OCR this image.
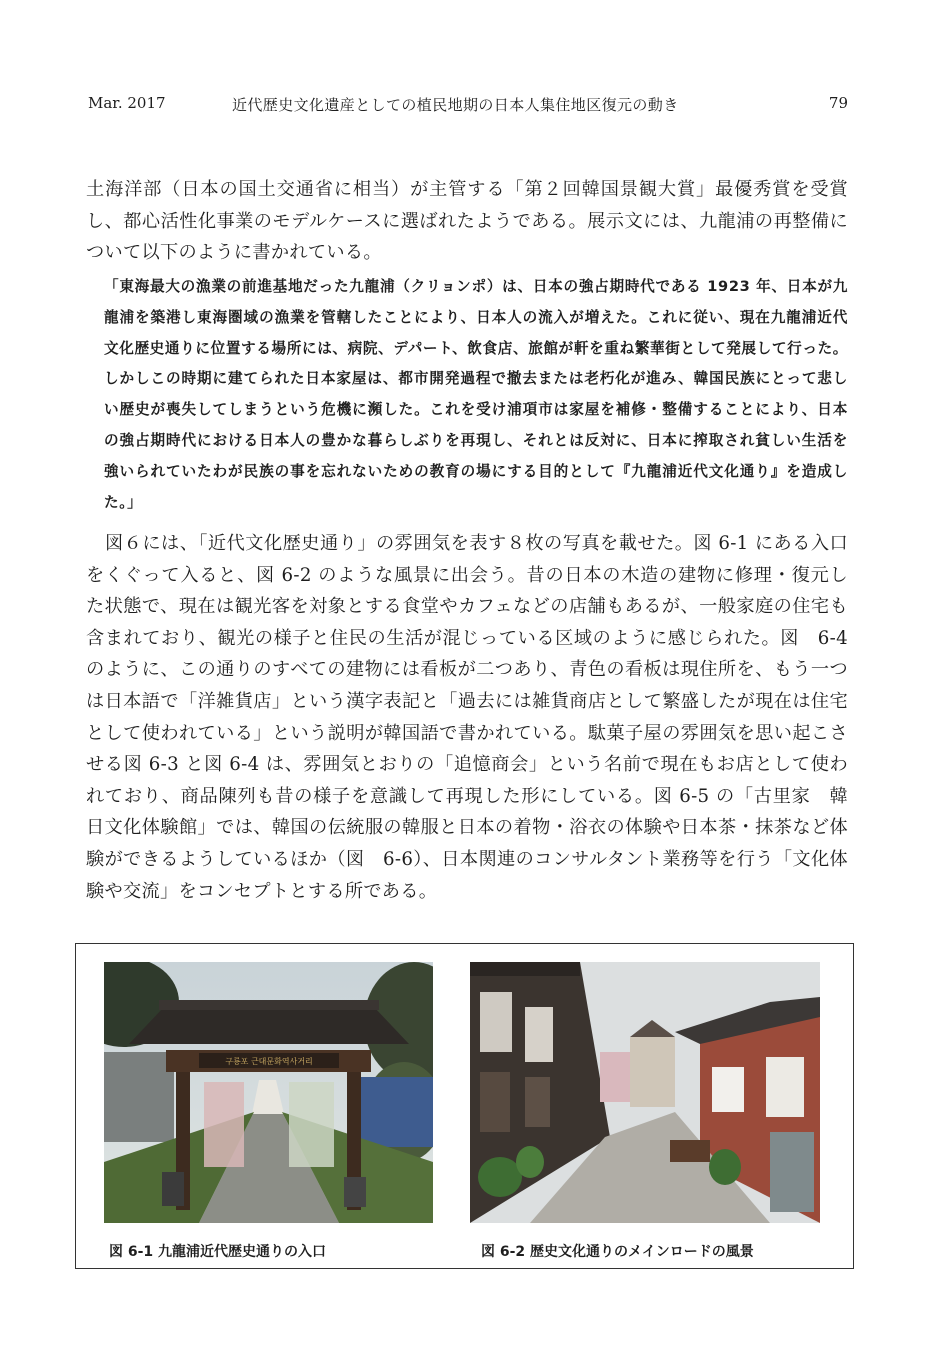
Mar. 2017	近代歴史文化遺産としての植民地期の日本人集住地区復元の動き	79

土海洋部（日本の国土交通省に相当）が主管する「第２回韓国景観大賞」最優秀賞を受賞し、都心活性化事業のモデルケースに選ばれたようである。展示文には、九龍浦の再整備について以下のように書かれている。

「東海最大の漁業の前進基地だった九龍浦（クリョンポ）は、日本の強占期時代である 1923 年、日本が九龍浦を築港し東海圏域の漁業を管轄したことにより、日本人の流入が増えた。これに従い、現在九龍浦近代文化歴史通りに位置する場所には、病院、デパート、飲食店、旅館が軒を重ね繁華街として発展して行った。しかしこの時期に建てられた日本家屋は、都市開発過程で撤去または老朽化が進み、韓国民族にとって悲しい歴史が喪失してしまうという危機に瀕した。これを受け浦項市は家屋を補修・整備することにより、日本の強占期時代における日本人の豊かな暮らしぶりを再現し、それとは反対に、日本に搾取され貧しい生活を強いられていたわが民族の事を忘れないための教育の場にする目的として『九龍浦近代文化通り』を造成した。」

図６には、「近代文化歴史通り」の雰囲気を表す８枚の写真を載せた。図 6-1 にある入口をくぐって入ると、図 6-2 のような風景に出会う。昔の日本の木造の建物に修理・復元した状態で、現在は観光客を対象とする食堂やカフェなどの店舗もあるが、一般家庭の住宅も含まれており、観光の様子と住民の生活が混じっている区域のように感じられた。図　6-4 のように、この通りのすべての建物には看板が二つあり、青色の看板は現住所を、もう一つは日本語で「洋雑貨店」という漢字表記と「過去には雑貨商店として繁盛したが現在は住宅として使われている」という説明が韓国語で書かれている。駄菓子屋の雰囲気を思い起こさせる図 6-3 と図 6-4 は、雰囲気とおりの「追憶商会」という名前で現在もお店として使われており、商品陳列も昔の様子を意識して再現した形にしている。図 6-5 の「古里家　韓日文化体験館」では、韓国の伝統服の韓服と日本の着物・浴衣の体験や日本茶・抹茶など体験ができるようしているほか（図　6-6）、日本関連のコンサルタント業務等を行う「文化体験や交流」をコンセプトとする所である。

구룡포 근대문화역사거리
図 6-1 九龍浦近代歴史通りの入口	図 6-2 歴史文化通りのメインロードの風景
